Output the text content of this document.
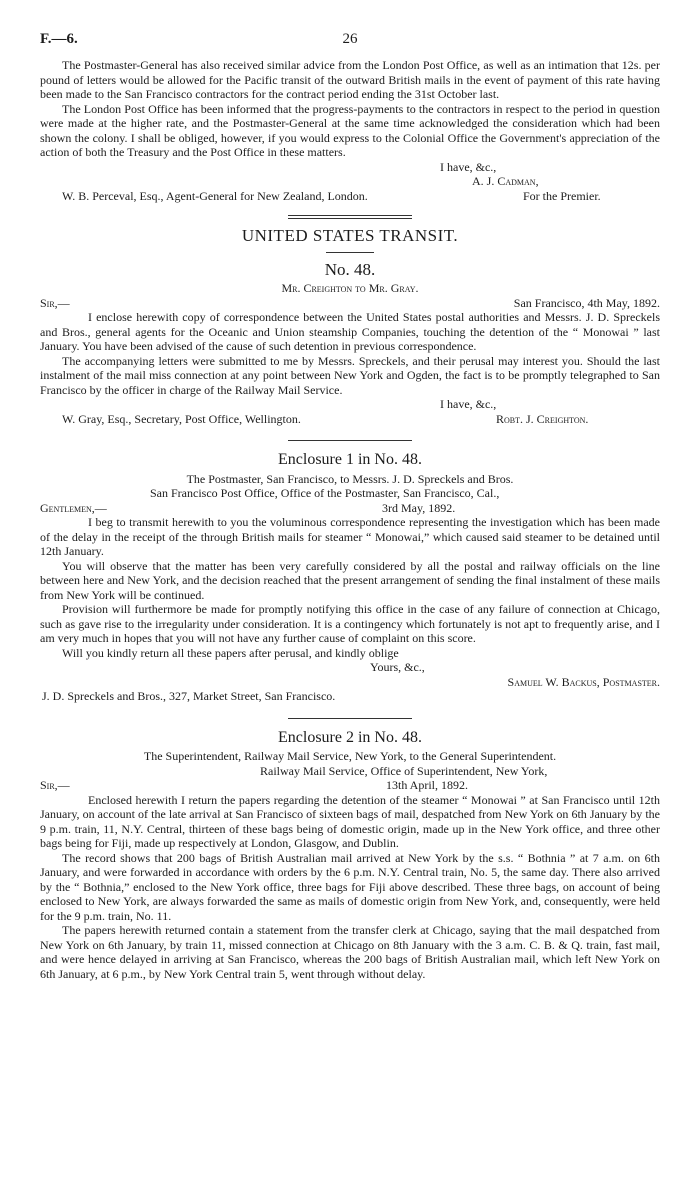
F.—6.	26

The Postmaster-General has also received similar advice from the London Post Office, as well as an intimation that 12s. per pound of letters would be allowed for the Pacific transit of the outward British mails in the event of payment of this rate having been made to the San Francisco contractors for the contract period ending the 31st October last.

The London Post Office has been informed that the progress-payments to the contractors in respect to the period in question were made at the higher rate, and the Postmaster-General at the same time acknowledged the consideration which had been shown the colony. I shall be obliged, however, if you would express to the Colonial Office the Government's appreciation of the action of both the Treasury and the Post Office in these matters.

I have, &c.,
A. J. Cadman,
W. B. Perceval, Esq., Agent-General for New Zealand, London.	For the Premier.
UNITED STATES TRANSIT.
No. 48.
Mr. Creighton to Mr. Gray.
Sir,—	San Francisco, 4th May, 1892.

I enclose herewith copy of correspondence between the United States postal authorities and Messrs. J. D. Spreckels and Bros., general agents for the Oceanic and Union steamship Companies, touching the detention of the “ Monowai ” last January. You have been advised of the cause of such detention in previous correspondence.

The accompanying letters were submitted to me by Messrs. Spreckels, and their perusal may interest you. Should the last instalment of the mail miss connection at any point between New York and Ogden, the fact is to be promptly telegraphed to San Francisco by the officer in charge of the Railway Mail Service.

I have, &c.,
W. Gray, Esq., Secretary, Post Office, Wellington.	Robt. J. Creighton.
Enclosure 1 in No. 48.
The Postmaster, San Francisco, to Messrs. J. D. Spreckels and Bros.
San Francisco Post Office, Office of the Postmaster, San Francisco, Cal.,
Gentlemen,—	3rd May, 1892.

I beg to transmit herewith to you the voluminous correspondence representing the investigation which has been made of the delay in the receipt of the through British mails for steamer “ Monowai,” which caused said steamer to be detained until 12th January.

You will observe that the matter has been very carefully considered by all the postal and railway officials on the line between here and New York, and the decision reached that the present arrangement of sending the final instalment of these mails from New York will be continued.

Provision will furthermore be made for promptly notifying this office in the case of any failure of connection at Chicago, such as gave rise to the irregularity under consideration. It is a contingency which fortunately is not apt to frequently arise, and I am very much in hopes that you will not have any further cause of complaint on this score.

Will you kindly return all these papers after perusal, and kindly oblige

Yours, &c.,
Samuel W. Backus, Postmaster.
J. D. Spreckels and Bros., 327, Market Street, San Francisco.
Enclosure 2 in No. 48.
The Superintendent, Railway Mail Service, New York, to the General Superintendent.
Railway Mail Service, Office of Superintendent, New York,
Sir,—	13th April, 1892.

Enclosed herewith I return the papers regarding the detention of the steamer “ Monowai ” at San Francisco until 12th January, on account of the late arrival at San Francisco of sixteen bags of mail, despatched from New York on 6th January by the 9 p.m. train, 11, N.Y. Central, thirteen of these bags being of domestic origin, made up in the New York office, and three other bags being for Fiji, made up respectively at London, Glasgow, and Dublin.

The record shows that 200 bags of British Australian mail arrived at New York by the s.s. “ Bothnia ” at 7 a.m. on 6th January, and were forwarded in accordance with orders by the 6 p.m. N.Y. Central train, No. 5, the same day. There also arrived by the “ Bothnia,” enclosed to the New York office, three bags for Fiji above described. These three bags, on account of being enclosed to New York, are always forwarded the same as mails of domestic origin from New York, and, consequently, were held for the 9 p.m. train, No. 11.

The papers herewith returned contain a statement from the transfer clerk at Chicago, saying that the mail despatched from New York on 6th January, by train 11, missed connection at Chicago on 8th January with the 3 a.m. C. B. & Q. train, fast mail, and were hence delayed in arriving at San Francisco, whereas the 200 bags of British Australian mail, which left New York on 6th January, at 6 p.m., by New York Central train 5, went through without delay.
